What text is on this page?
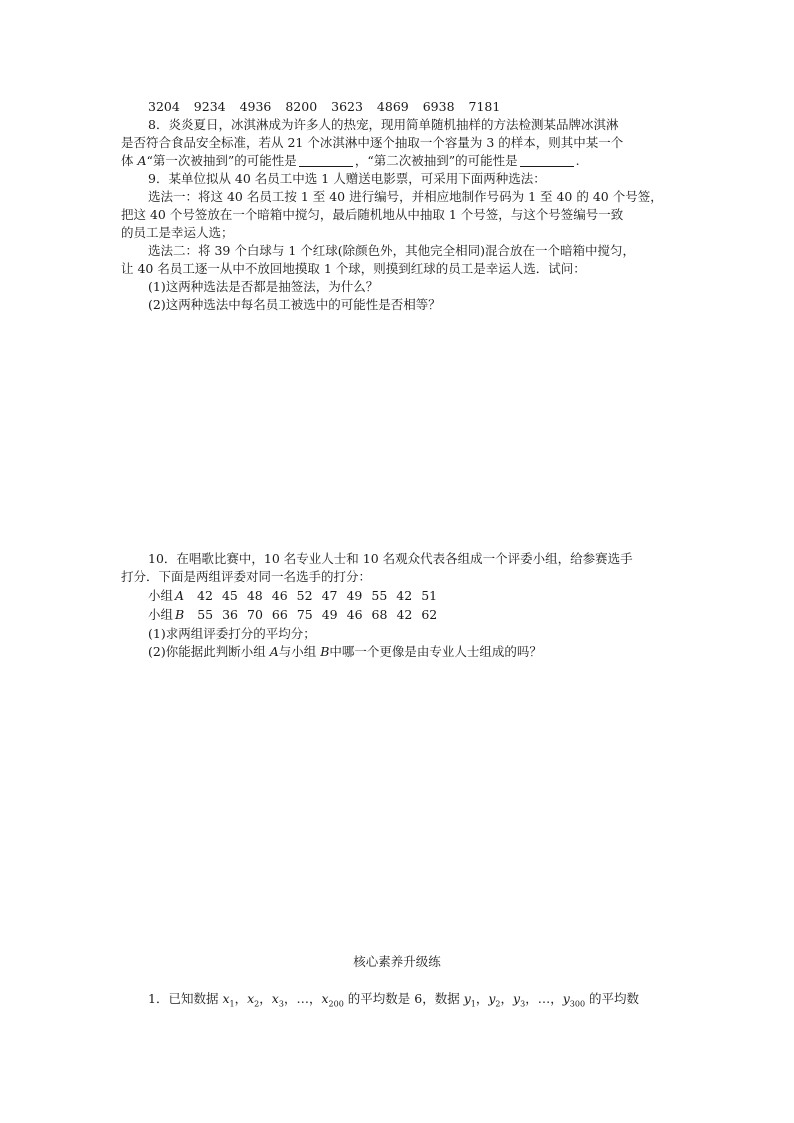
3204 9234 4936 8200 3623 4869 6938 7181

8．炎炎夏日，冰淇淋成为许多人的热宠，现用简单随机抽样的方法检测某品牌冰淇淋

是否符合食品安全标准，若从 21 个冰淇淋中逐个抽取一个容量为 3 的样本，则其中某一个

体 A“第一次被抽到”的可能性是	，“第二次被抽到”的可能性是	.

9．某单位拟从 40 名员工中选 1 人赠送电影票，可采用下面两种选法：

选法一：将这 40 名员工按 1 至 40 进行编号，并相应地制作号码为 1 至 40 的 40 个号签，

把这 40 个号签放在一个暗箱中搅匀，最后随机地从中抽取 1 个号签，与这个号签编号一致

的员工是幸运人选；

选法二：将 39 个白球与 1 个红球(除颜色外，其他完全相同)混合放在一个暗箱中搅匀，

让 40 名员工逐一从中不放回地摸取 1 个球，则摸到红球的员工是幸运人选．试问：

(1)这两种选法是否都是抽签法，为什么？

(2)这两种选法中每名员工被选中的可能性是否相等？

10．在唱歌比赛中，10 名专业人士和 10 名观众代表各组成一个评委小组，给参赛选手

打分．下面是两组评委对同一名选手的打分：

小组 A 42 45 48 46 52 47 49 55 42 51

小组 B 55 36 70 66 75 49 46 68 42 62

(1)求两组评委打分的平均分；

(2)你能据此判断小组 A与小组 B中哪一个更像是由专业人士组成的吗？

核心素养升级练

1．已知数据 $x_1$，$x_2$，$x_3$，…，$x_{200}$ 的平均数是 6，数据 $y_1$，$y_2$，$y_3$，…，$y_{300}$ 的平均数
